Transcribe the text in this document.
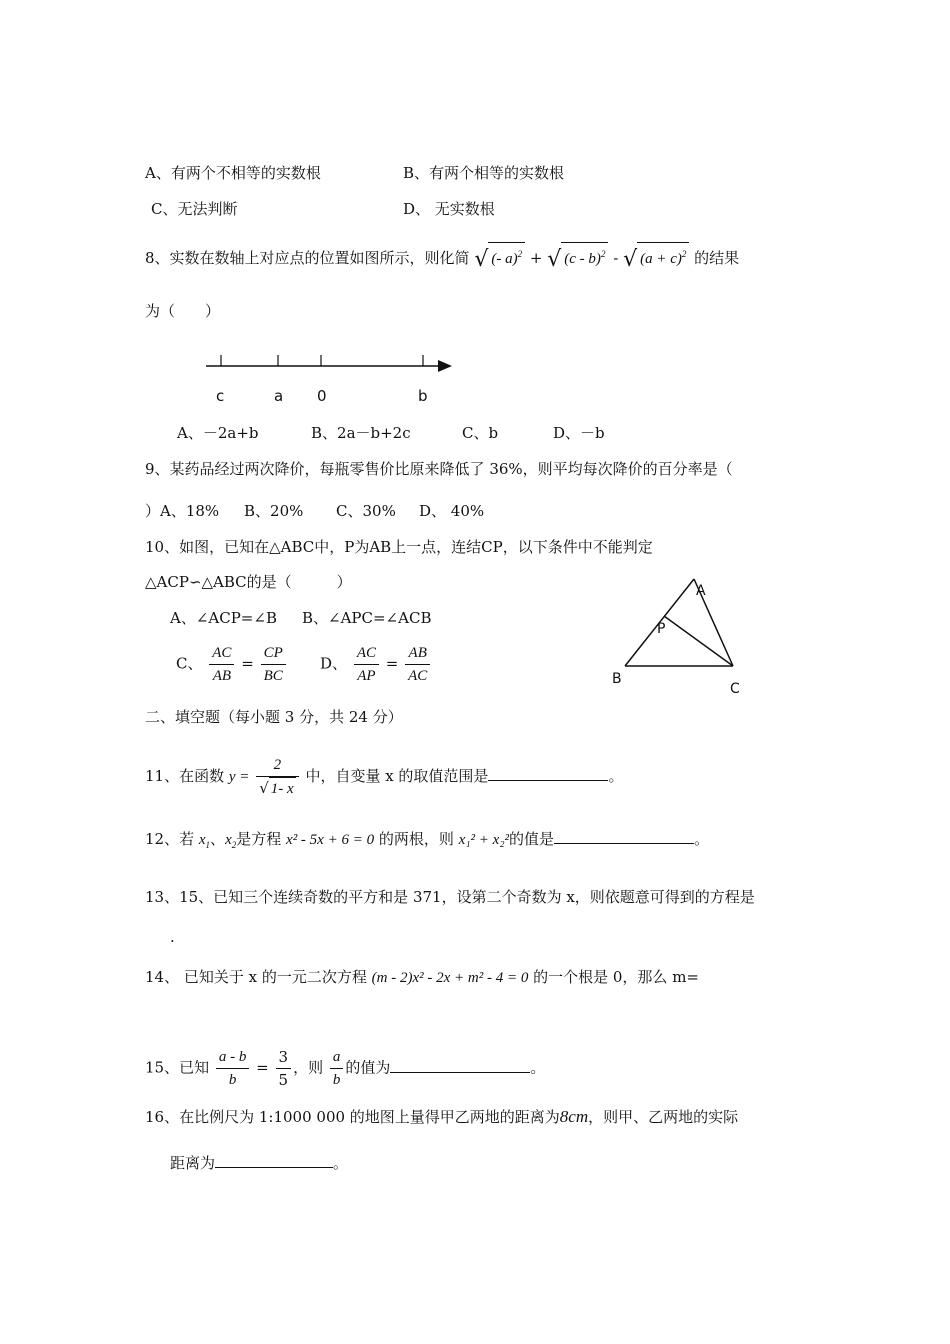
A、有两个不相等的实数根	B、有两个相等的实数根
C、无法判断	D、 无实数根
8、实数在数轴上对应点的位置如图所示，则化简 √ (- a)$^2$ + √ (c - b)$^2$ - √ $(a + c)^2$ 的结果
为（　　）
c	a 0	b
A、－2a+b	B、2a－b+2c	C、b	D、－b
9、某药品经过两次降价，每瓶零售价比原来降低了 36%，则平均每次降价的百分率是（
）A、18% B、20% C、30% D、 40%
10、如图，已知在△ABC中，P为AB上一点，连结CP，以下条件中不能判定
△ACP∽△ABC的是（　　　）
A、∠ACP=∠B B、∠APC=∠ACB
C、 $\frac{AC}{AB} = \frac{CP}{BC}$ D、 $\frac{AC}{AP} = \frac{AB}{AC}$
A
P
B
C
二、填空题（每小题 3 分，共 24 分）
11、在函数 $y = \frac{2}{√ 1- x}$ 中，自变量 x 的取值范围是	。
12、若 $x_1$、$x_2$是方程 x² - 5x + 6 = 0 的两根，则 x₁² + x₂²的值是	。
13、15、已知三个连续奇数的平方和是 371，设第二个奇数为 x，则依题意可得到的方程是
.
14、 已知关于 x 的一元二次方程 (m - 2)x² - 2x + m² - 4 = 0 的一个根是 0，那么 m=
15、已知 $\frac{a - b}{b} = \frac{3}{5}$ ，则 $\frac{a}{b}$ 的值为	。
16、在比例尺为 1:1000 000 的地图上量得甲乙两地的距离为8cm，则甲、乙两地的实际
距离为	。
